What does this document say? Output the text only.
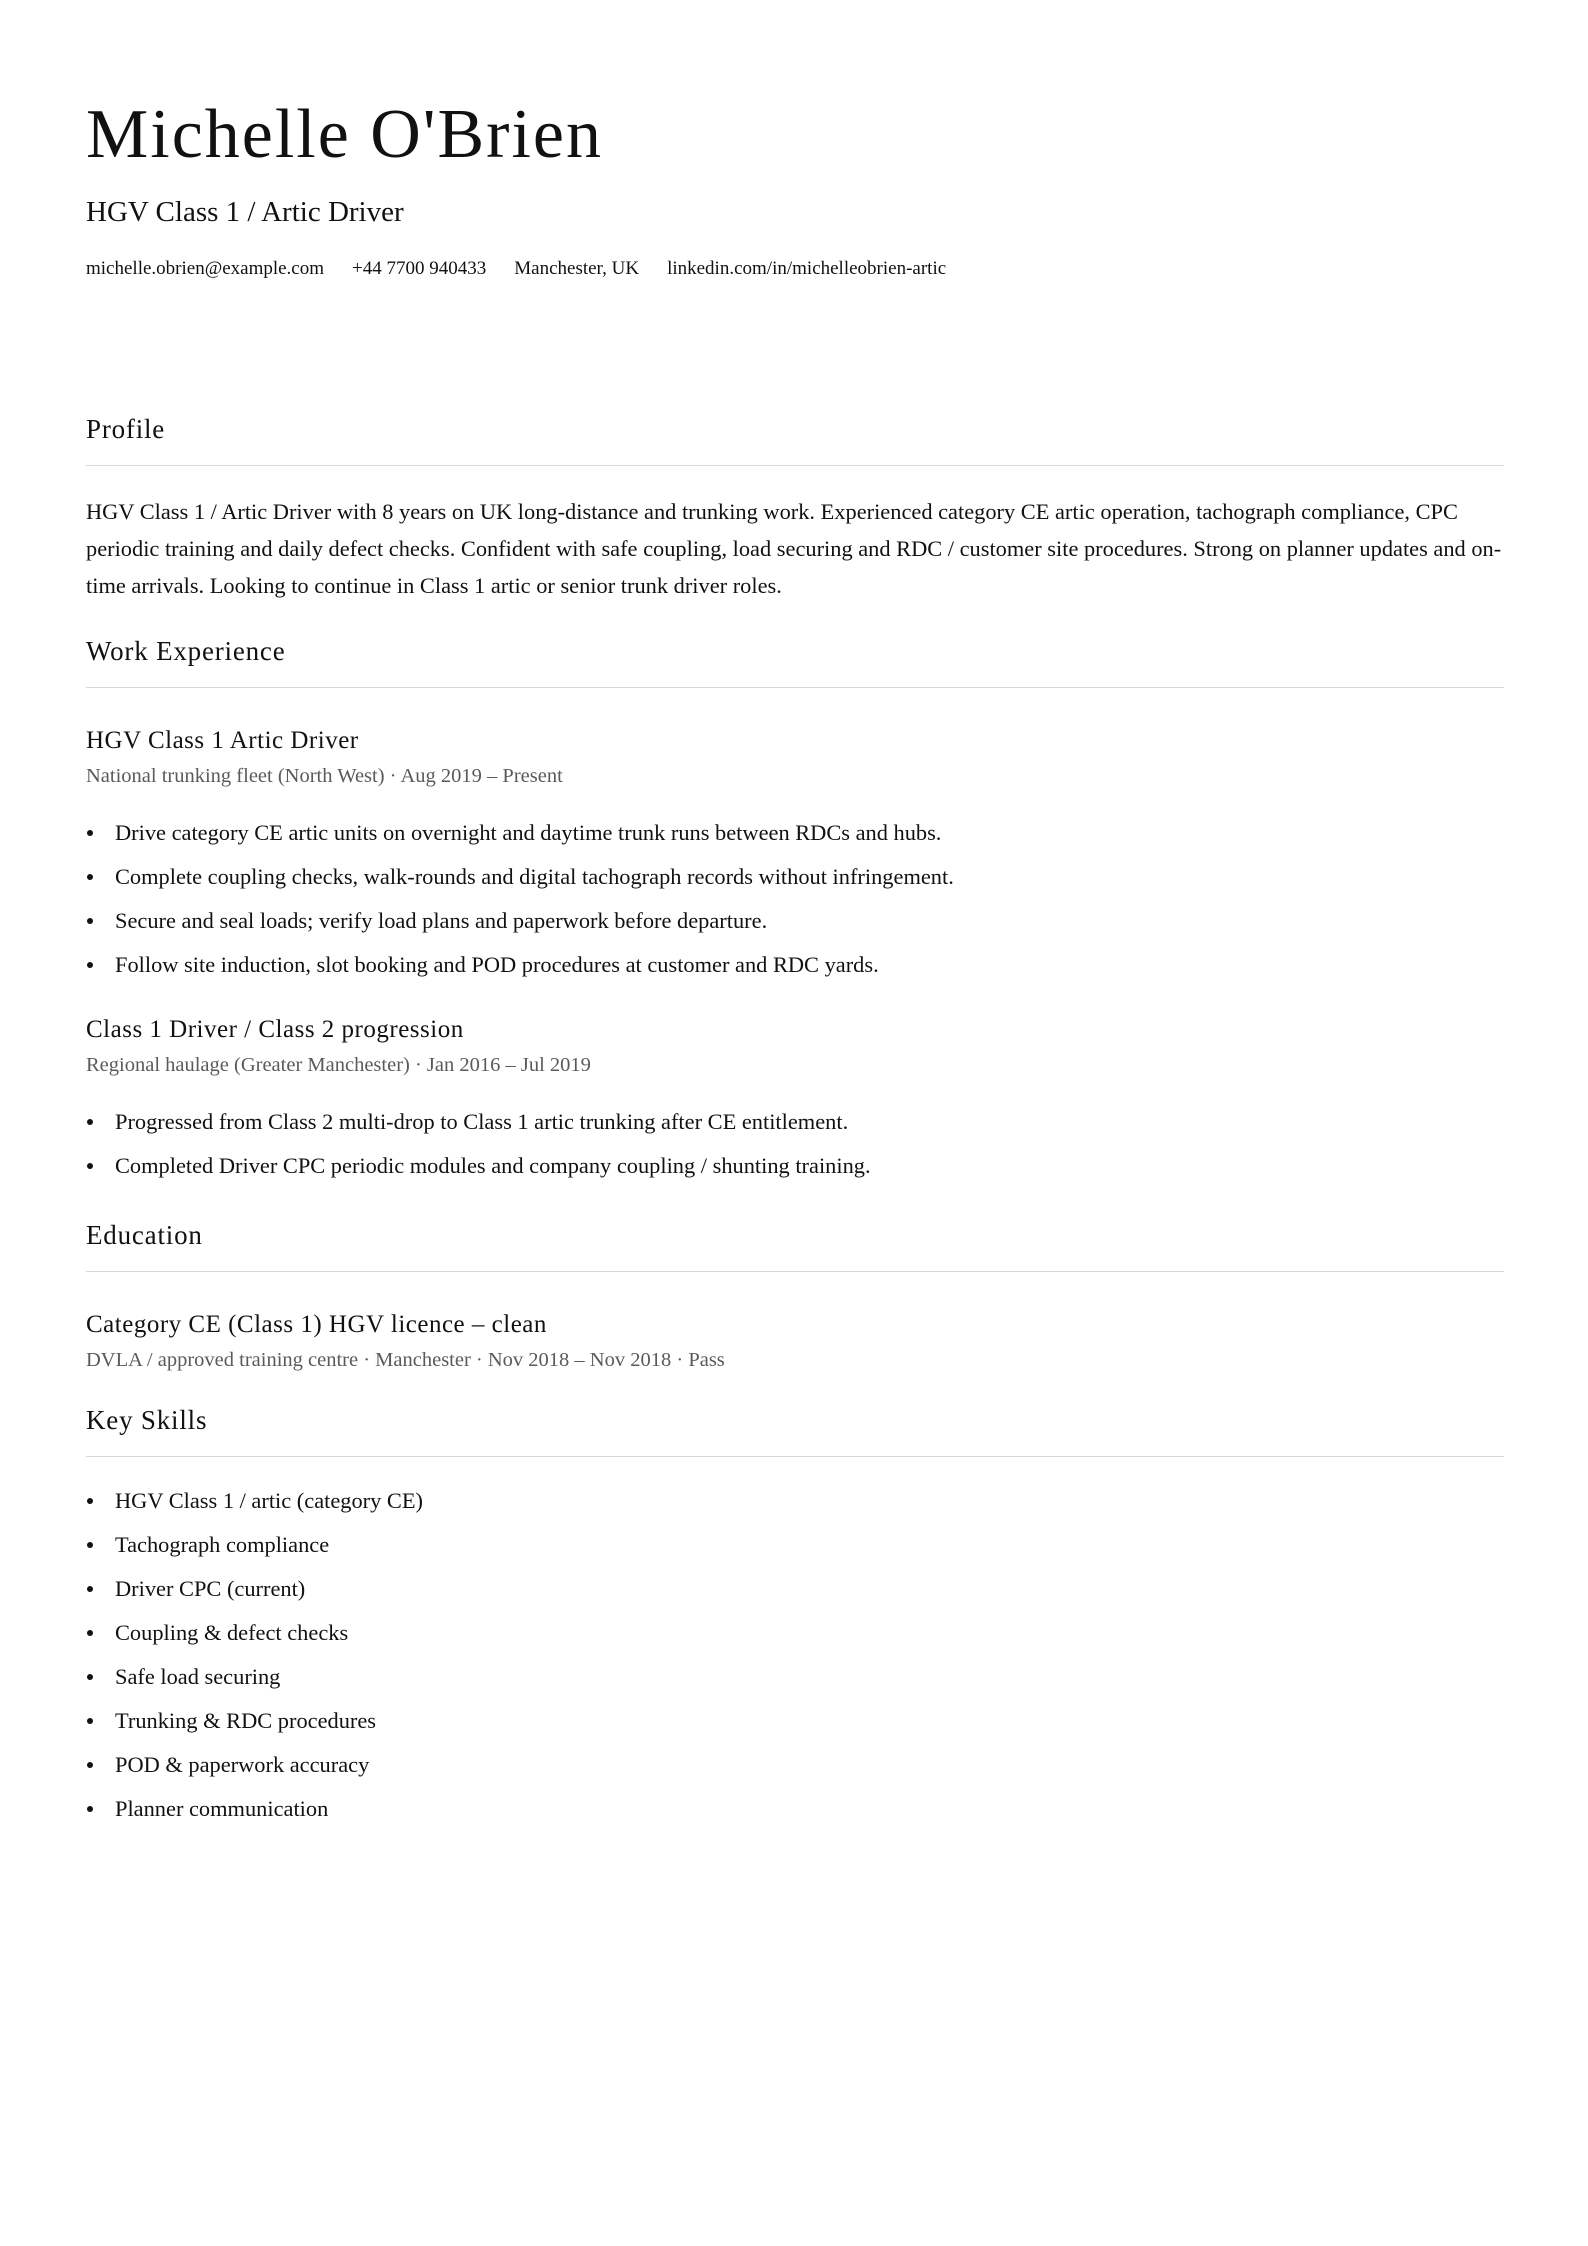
Michelle O'Brien
HGV Class 1 / Artic Driver
michelle.obrien@example.com +44 7700 940433 Manchester, UK linkedin.com/in/michelleobrien-artic
Profile

HGV Class 1 / Artic Driver with 8 years on UK long-distance and trunking work. Experienced category CE artic operation, tachograph compliance, CPC periodic training and daily defect checks. Confident with safe coupling, load securing and RDC / customer site procedures. Strong on planner updates and on-time arrivals. Looking to continue in Class 1 artic or senior trunk driver roles.

Work Experience
HGV Class 1 Artic Driver
National trunking fleet (North West) · Aug 2019 – Present
Drive category CE artic units on overnight and daytime trunk runs between RDCs and hubs.
Complete coupling checks, walk-rounds and digital tachograph records without infringement.
Secure and seal loads; verify load plans and paperwork before departure.
Follow site induction, slot booking and POD procedures at customer and RDC yards.
Class 1 Driver / Class 2 progression
Regional haulage (Greater Manchester) · Jan 2016 – Jul 2019
Progressed from Class 2 multi-drop to Class 1 artic trunking after CE entitlement.
Completed Driver CPC periodic modules and company coupling / shunting training.
Education
Category CE (Class 1) HGV licence – clean
DVLA / approved training centre · Manchester · Nov 2018 – Nov 2018 · Pass
Key Skills
HGV Class 1 / artic (category CE)
Tachograph compliance
Driver CPC (current)
Coupling & defect checks
Safe load securing
Trunking & RDC procedures
POD & paperwork accuracy
Planner communication
